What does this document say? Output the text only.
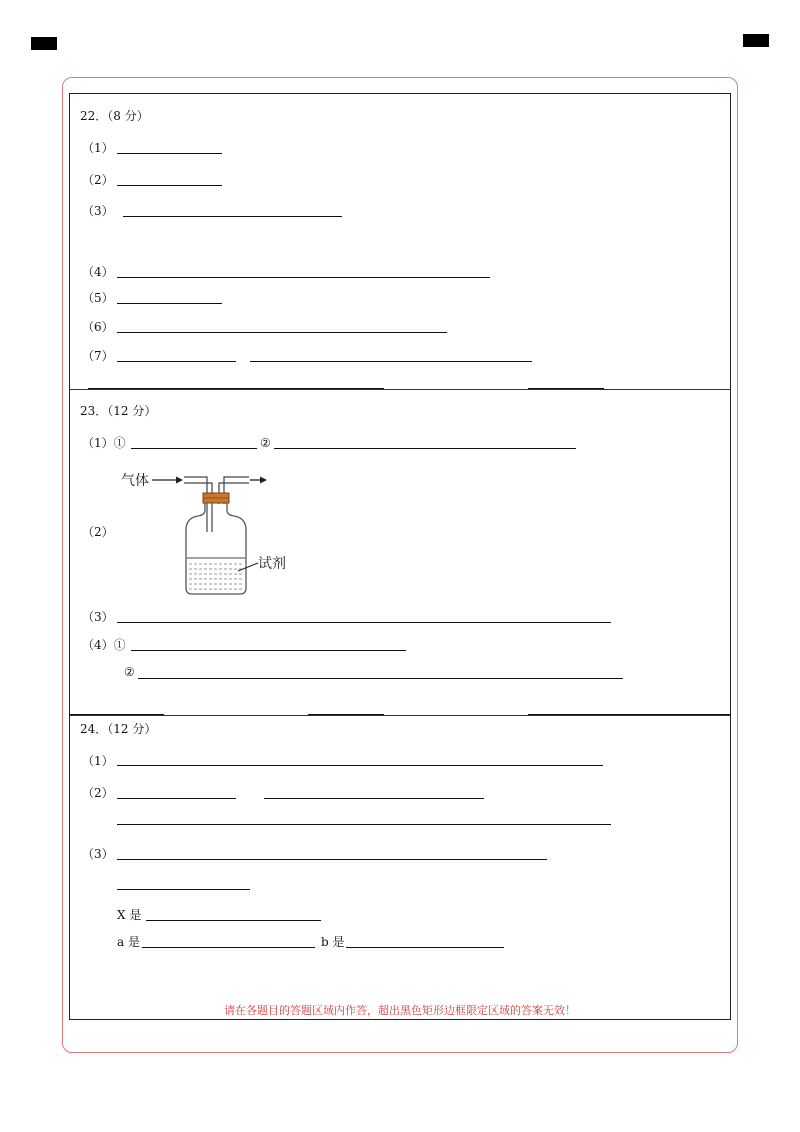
22．（8 分）
（1）
（2）
（3）
（4）
（5）
（6）
（7）
23．（12 分）
（1）①	②
（2）
气体
试剂
（3）
（4）①
②
24．（12 分）
（1）
（2）
（3）
X 是
a 是	b 是
请在各题目的答题区域内作答，超出黑色矩形边框限定区域的答案无效！
